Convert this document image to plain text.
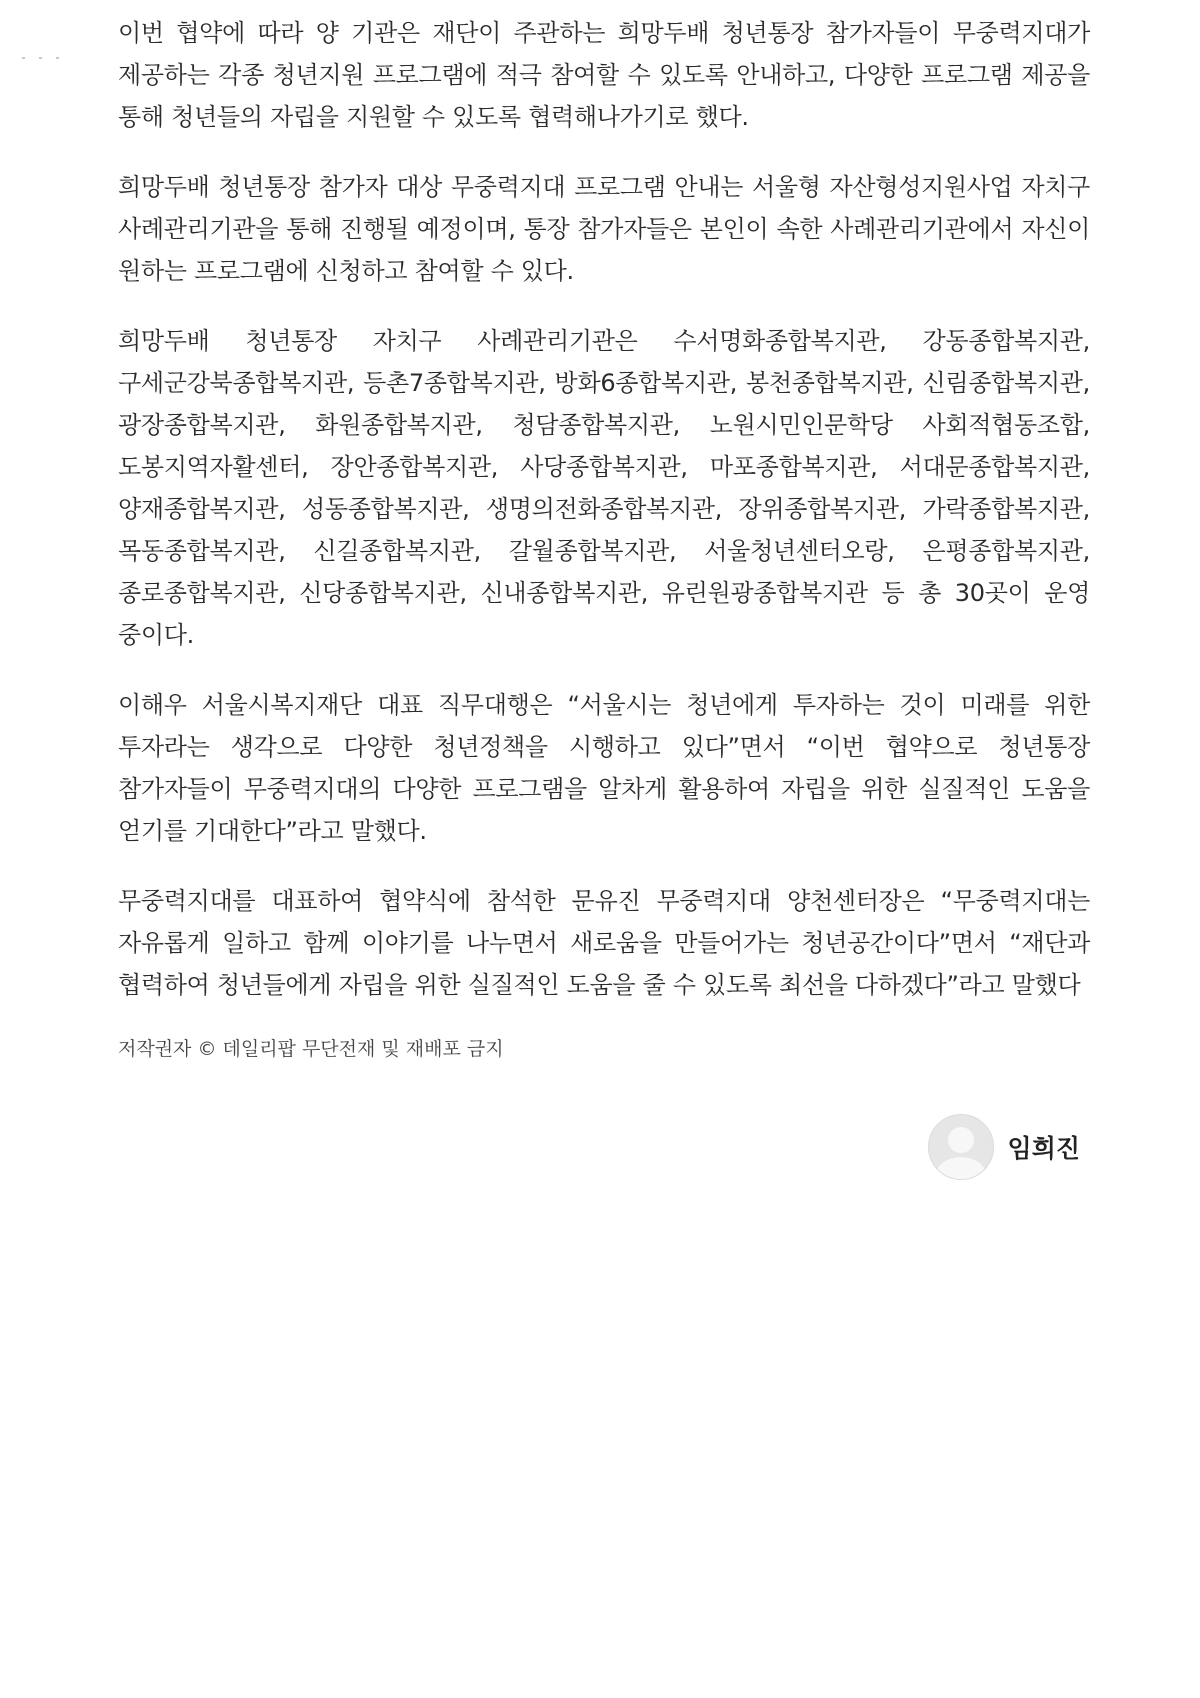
이번 협약에 따라 양 기관은 재단이 주관하는 희망두배 청년통장 참가자들이 무중력지대가 제공하는 각종 청년지원 프로그램에 적극 참여할 수 있도록 안내하고, 다양한 프로그램 제공을 통해 청년들의 자립을 지원할 수 있도록 협력해나가기로 했다.

희망두배 청년통장 참가자 대상 무중력지대 프로그램 안내는 서울형 자산형성지원사업 자치구 사례관리기관을 통해 진행될 예정이며, 통장 참가자들은 본인이 속한 사례관리기관에서 자신이 원하는 프로그램에 신청하고 참여할 수 있다.

희망두배 청년통장 자치구 사례관리기관은 수서명화종합복지관, 강동종합복지관, 구세군강북종합복지관, 등촌7종합복지관, 방화6종합복지관, 봉천종합복지관, 신림종합복지관, 광장종합복지관, 화원종합복지관, 청담종합복지관, 노원시민인문학당 사회적협동조합, 도봉지역자활센터, 장안종합복지관, 사당종합복지관, 마포종합복지관, 서대문종합복지관, 양재종합복지관, 성동종합복지관, 생명의전화종합복지관, 장위종합복지관, 가락종합복지관, 목동종합복지관, 신길종합복지관, 갈월종합복지관, 서울청년센터오랑, 은평종합복지관, 종로종합복지관, 신당종합복지관, 신내종합복지관, 유린원광종합복지관 등 총 30곳이 운영 중이다.

이해우 서울시복지재단 대표 직무대행은 “서울시는 청년에게 투자하는 것이 미래를 위한 투자라는 생각으로 다양한 청년정책을 시행하고 있다”면서 “이번 협약으로 청년통장 참가자들이 무중력지대의 다양한 프로그램을 알차게 활용하여 자립을 위한 실질적인 도움을 얻기를 기대한다”라고 말했다.

무중력지대를 대표하여 협약식에 참석한 문유진 무중력지대 양천센터장은 “무중력지대는 자유롭게 일하고 함께 이야기를 나누면서 새로움을 만들어가는 청년공간이다”면서 “재단과 협력하여 청년들에게 자립을 위한 실질적인 도움을 줄 수 있도록 최선을 다하겠다”라고 말했다

저작권자 © 데일리팝 무단전재 및 재배포 금지

임희진
